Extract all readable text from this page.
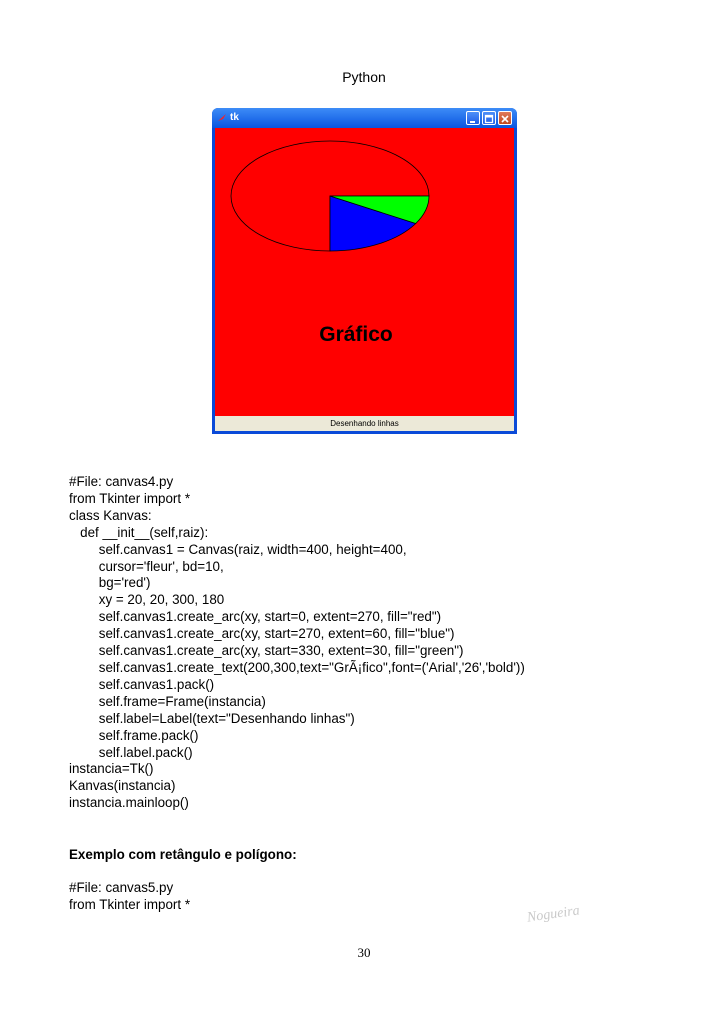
Python
tk
Gráfico
Desenhando linhas
#File: canvas4.py
from Tkinter import *
class Kanvas:
def __init__(self,raiz):
self.canvas1 = Canvas(raiz, width=400, height=400,
cursor='fleur', bd=10,
bg='red')
xy = 20, 20, 300, 180
self.canvas1.create_arc(xy, start=0, extent=270, fill="red")
self.canvas1.create_arc(xy, start=270, extent=60, fill="blue")
self.canvas1.create_arc(xy, start=330, extent=30, fill="green")
self.canvas1.create_text(200,300,text="GrÃ¡fico",font=('Arial','26','bold'))
self.canvas1.pack()
self.frame=Frame(instancia)
self.label=Label(text="Desenhando linhas")
self.frame.pack()
self.label.pack()
instancia=Tk()
Kanvas(instancia)
instancia.mainloop()
Exemplo com retângulo e polígono:
#File: canvas5.py
from Tkinter import *	Nogueira
30
